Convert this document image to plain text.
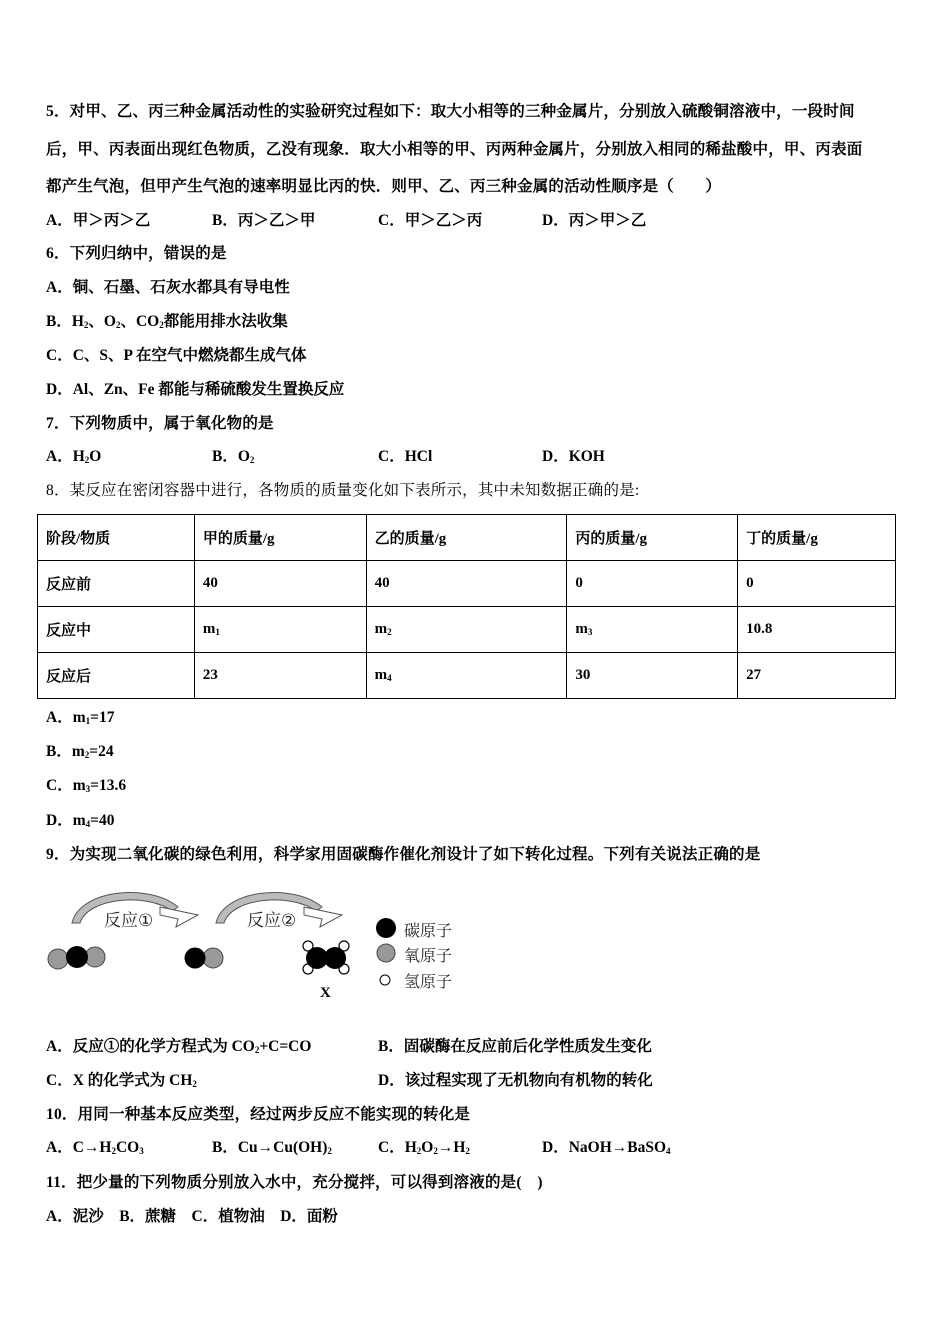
5．对甲、乙、丙三种金属活动性的实验研究过程如下：取大小相等的三种金属片，分别放入硫酸铜溶液中，一段时间
后，甲、丙表面出现红色物质，乙没有现象．取大小相等的甲、丙两种金属片，分别放入相同的稀盐酸中，甲、丙表面
都产生气泡，但甲产生气泡的速率明显比丙的快．则甲、乙、丙三种金属的活动性顺序是（　　）
A．甲＞丙＞乙	B．丙＞乙＞甲	C．甲＞乙＞丙	D．丙＞甲＞乙
6．下列归纳中，错误的是
A．铜、石墨、石灰水都具有导电性
B．$H_2$、$O_2$、$CO_2$都能用排水法收集
C．C、S、P 在空气中燃烧都生成气体
D．Al、Zn、Fe 都能与稀硫酸发生置换反应
7．下列物质中，属于氧化物的是
A．$H_2O$	B．$O_2$	C．HCl	D．KOH
8．某反应在密闭容器中进行，各物质的质量变化如下表所示，其中未知数据正确的是:
阶段/物质	甲的质量/g	乙的质量/g	丙的质量/g	丁的质量/g
反应前	40	40	0	0
反应中	$m_1$	$m_2$	$m_3$	10.8
反应后	23	$m_4$	30	27
A．$m_1=17$
B．$m_2=24$
C．$m_3=13.6$
D．$m_4=40$
9．为实现二氧化碳的绿色利用，科学家用固碳酶作催化剂设计了如下转化过程。下列有关说法正确的是
反应①	反应②
X
碳原子
氧原子
氢原子
A．反应①的化学方程式为 $CO_2+C=CO$	B．固碳酶在反应前后化学性质发生变化
C．X 的化学式为 $CH_2$	D．该过程实现了无机物向有机物的转化
10．用同一种基本反应类型，经过两步反应不能实现的转化是
A．$C\to H_2CO_3$	B．$Cu\to Cu(OH)_2$	C．$H_2O_2\to H_2$	D．NaOH→BaSO$_4$
11．把少量的下列物质分别放入水中，充分搅拌，可以得到溶液的是(　)
A．泥沙　B．蔗糖　C．植物油　D．面粉
